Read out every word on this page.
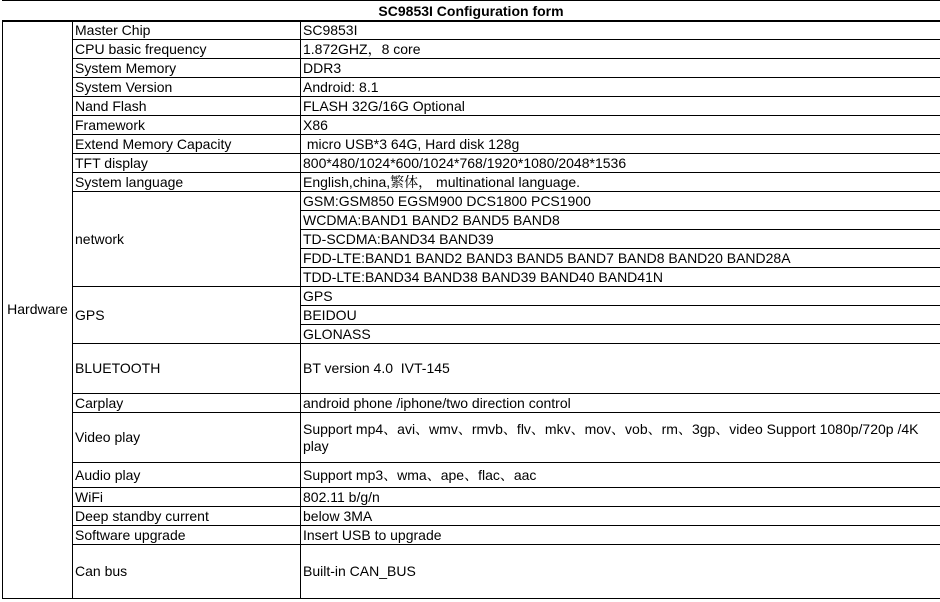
SC9853I Configuration form
Hardware	Master Chip	SC9853I
	CPU basic frequency	1.872GHZ，8 core
	System Memory	DDR3
	System Version	Android: 8.1
	Nand Flash	FLASH 32G/16G Optional
	Framework	X86
	Extend Memory Capacity	micro USB*3 64G, Hard disk 128g
	TFT display	800*480/1024*600/1024*768/1920*1080/2048*1536
	System language	English,china,繁体， multinational language.
	network	GSM:GSM850 EGSM900 DCS1800 PCS1900
		WCDMA:BAND1 BAND2 BAND5 BAND8
		TD-SCDMA:BAND34 BAND39
		FDD-LTE:BAND1 BAND2 BAND3 BAND5 BAND7 BAND8 BAND20 BAND28A
		TDD-LTE:BAND34 BAND38 BAND39 BAND40 BAND41N
	GPS	GPS
		BEIDOU
		GLONASS
	BLUETOOTH	BT version 4.0  IVT-145
	Carplay	android phone /iphone/two direction control
	Video play	Support mp4、avi、wmv、rmvb、flv、mkv、mov、vob、rm、3gp、video Support 1080p/720p /4K play
	Audio play	Support mp3、wma、ape、flac、aac
	WiFi	802.11 b/g/n
	Deep standby current	below 3MA
	Software upgrade	Insert USB to upgrade
	Can bus	Built-in CAN_BUS
